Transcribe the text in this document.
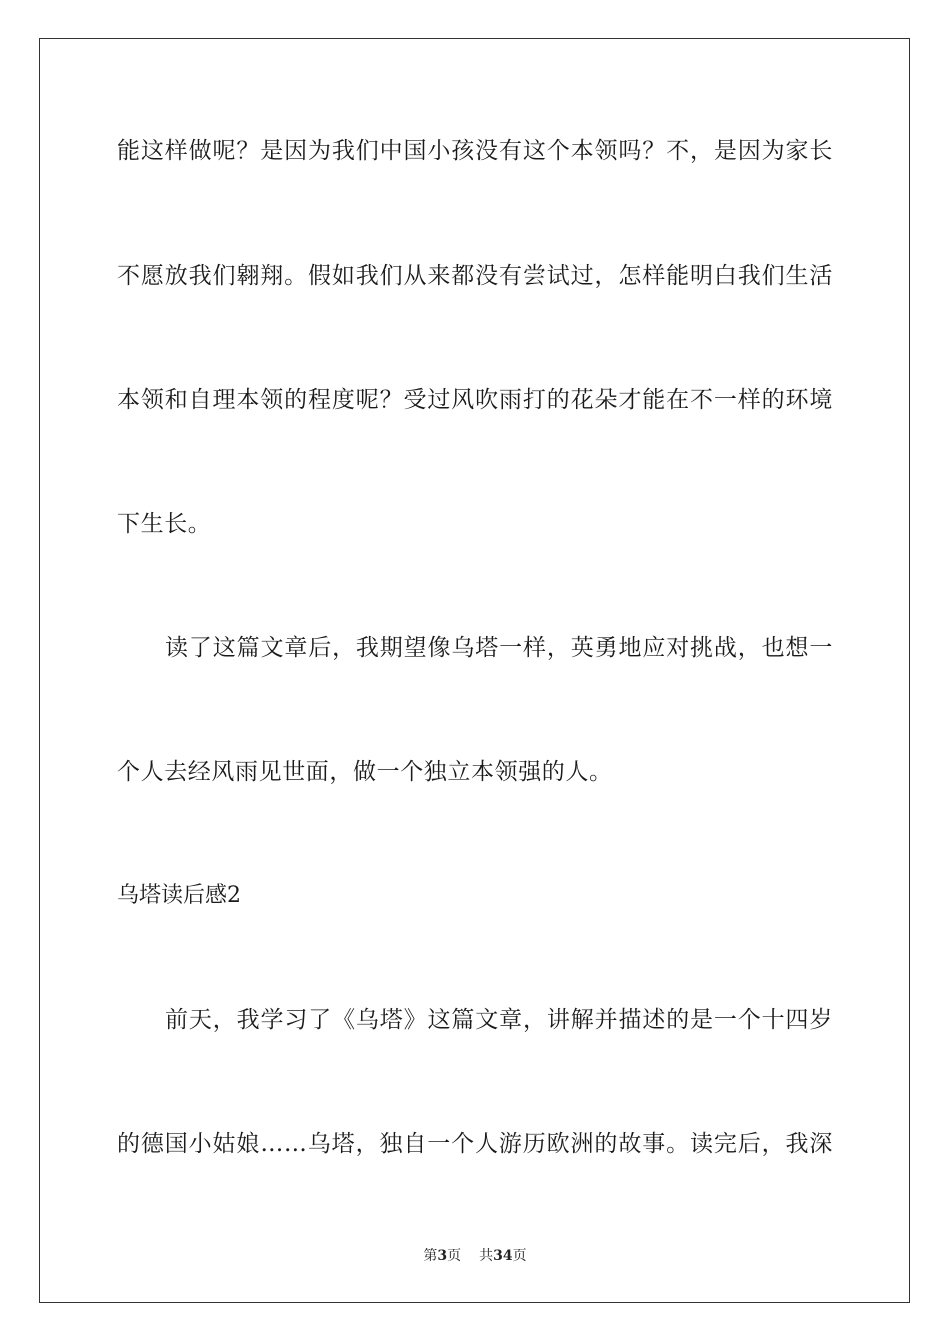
能这样做呢？是因为我们中国小孩没有这个本领吗？不，是因为家长
不愿放我们翱翔。假如我们从来都没有尝试过，怎样能明白我们生活
本领和自理本领的程度呢？受过风吹雨打的花朵才能在不一样的环境
下生长。
读了这篇文章后，我期望像乌塔一样，英勇地应对挑战，也想一
个人去经风雨见世面，做一个独立本领强的人。
乌塔读后感2
前天，我学习了《乌塔》这篇文章，讲解并描述的是一个十四岁
的德国小姑娘……乌塔，独自一个人游历欧洲的故事。读完后，我深
第3页 共34页
